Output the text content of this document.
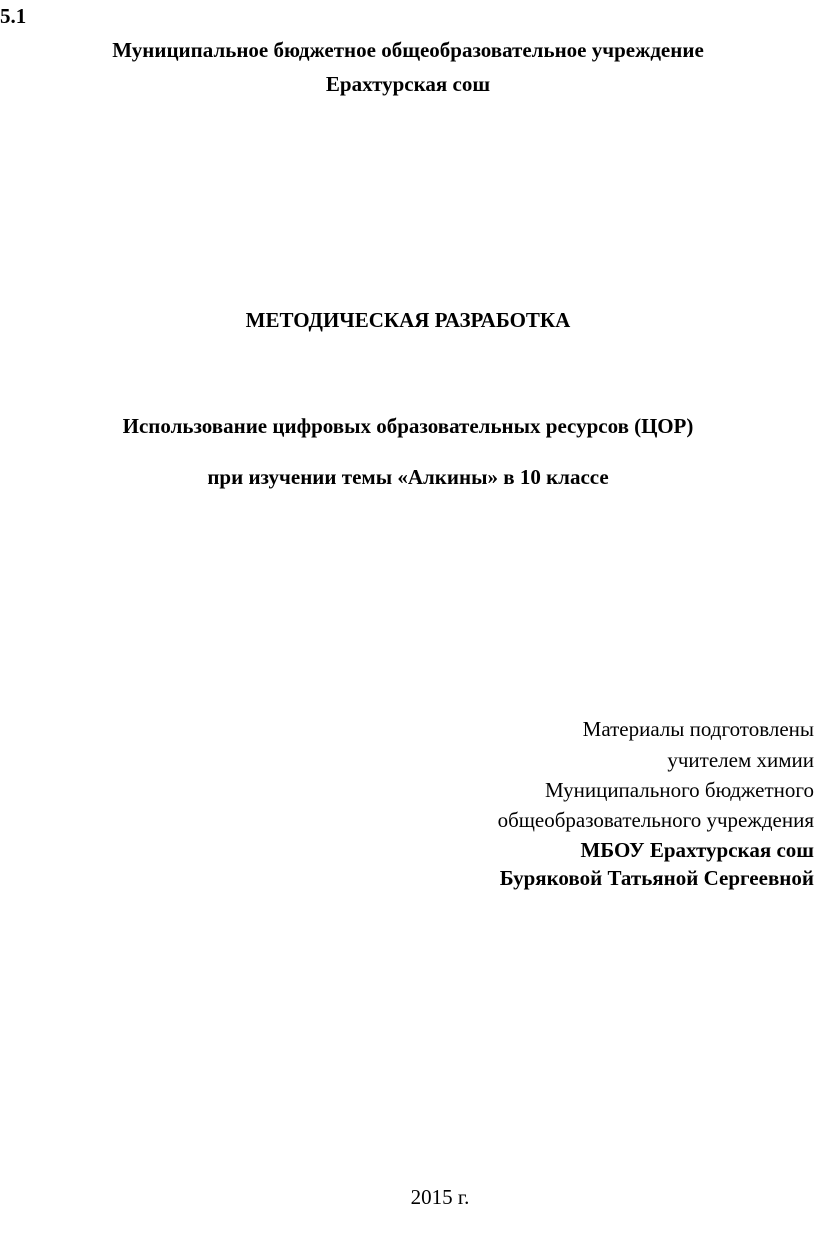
5.1
Муниципальное бюджетное общеобразовательное учреждение
Ерахтурская сош
МЕТОДИЧЕСКАЯ РАЗРАБОТКА
Использование цифровых образовательных ресурсов (ЦОР)
при изучении темы «Алкины» в 10 классе
Материалы подготовлены
учителем химии
Муниципального бюджетного
общеобразовательного учреждения
МБОУ Ерахтурская сош
Буряковой Татьяной Сергеевной
2015 г.
